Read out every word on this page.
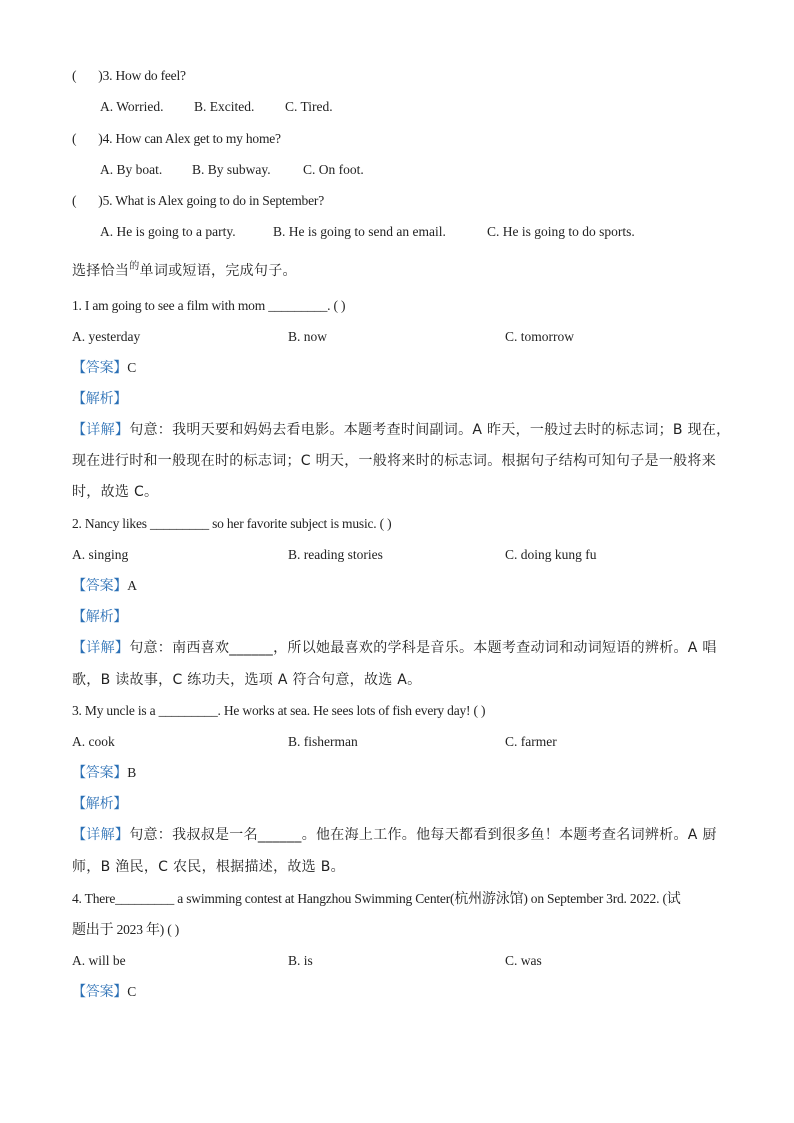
( )3. How do feel?
A. Worried. B. Excited. C. Tired.
( )4. How can Alex get to my home?
A. By boat. B. By subway. C. On foot.
( )5. What is Alex going to do in September?
A. He is going to a party.	B. He is going to send an email.	C. He is going to do sports.
选择恰当$^的$单词或短语，完成句子。
1. I am going to see a film with mom _________. ( )
A. yesterday	B. now	C. tomorrow
【答案】C
【解析】
【详解】句意：我明天要和妈妈去看电影。本题考查时间副词。A 昨天，一般过去时的标志词；B 现在，
现在进行时和一般现在时的标志词；C 明天，一般将来时的标志词。根据句子结构可知句子是一般将来
时，故选 C。
2. Nancy likes _________ so her favorite subject is music. ( )
A. singing	B. reading stories	C. doing kung fu
【答案】A
【解析】
【详解】句意：南西喜欢______，所以她最喜欢的学科是音乐。本题考查动词和动词短语的辨析。A 唱
歌，B 读故事，C 练功夫，选项 A 符合句意，故选 A。
3. My uncle is a _________. He works at sea. He sees lots of fish every day! ( )
A. cook	B. fisherman	C. farmer
【答案】B
【解析】
【详解】句意：我叔叔是一名______。他在海上工作。他每天都看到很多鱼！本题考查名词辨析。A 厨
师，B 渔民，C 农民，根据描述，故选 B。
4. There_________ a swimming contest at Hangzhou Swimming Center(杭州游泳馆) on September 3rd. 2022. (试
题出于 2023 年) ( )
A. will be	B. is	C. was
【答案】C
